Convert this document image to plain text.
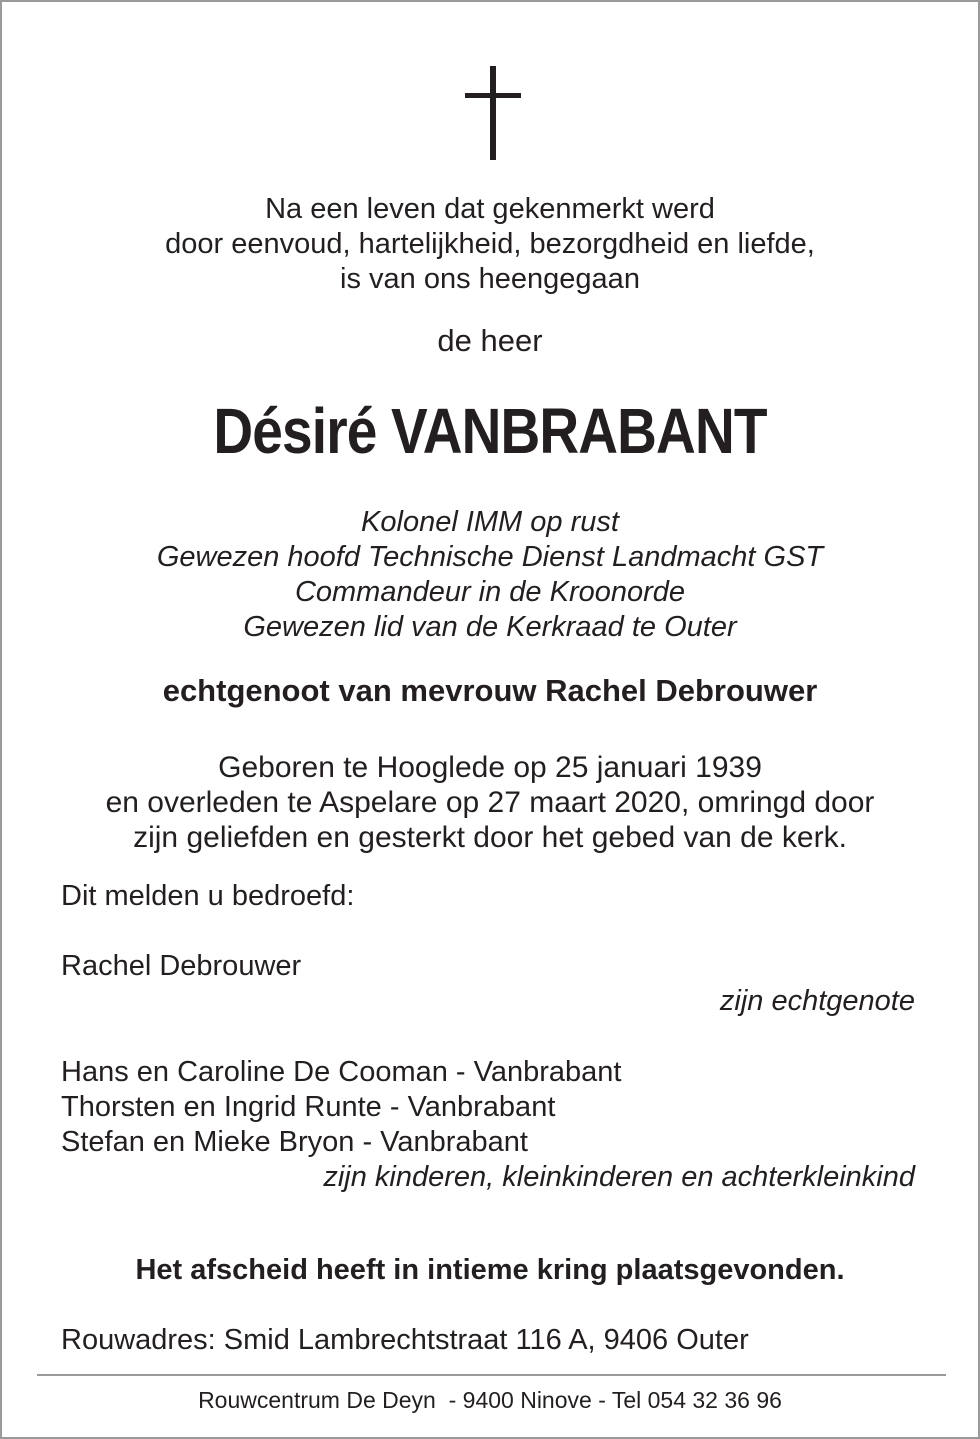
Na een leven dat gekenmerkt werd
door eenvoud, hartelijkheid, bezorgdheid en liefde,
is van ons heengegaan
de heer
Désiré VANBRABANT
Kolonel IMM op rust
Gewezen hoofd Technische Dienst Landmacht GST
Commandeur in de Kroonorde
Gewezen lid van de Kerkraad te Outer
echtgenoot van mevrouw Rachel Debrouwer
Geboren te Hooglede op 25 januari 1939
en overleden te Aspelare op 27 maart 2020, omringd door
zijn geliefden en gesterkt door het gebed van de kerk.
Dit melden u bedroefd:
Rachel Debrouwer
zijn echtgenote
Hans en Caroline De Cooman - Vanbrabant
Thorsten en Ingrid Runte - Vanbrabant
Stefan en Mieke Bryon - Vanbrabant
zijn kinderen, kleinkinderen en achterkleinkind
Het afscheid heeft in intieme kring plaatsgevonden.
Rouwadres: Smid Lambrechtstraat 116 A, 9406 Outer
Rouwcentrum De Deyn  - 9400 Ninove - Tel 054 32 36 96
